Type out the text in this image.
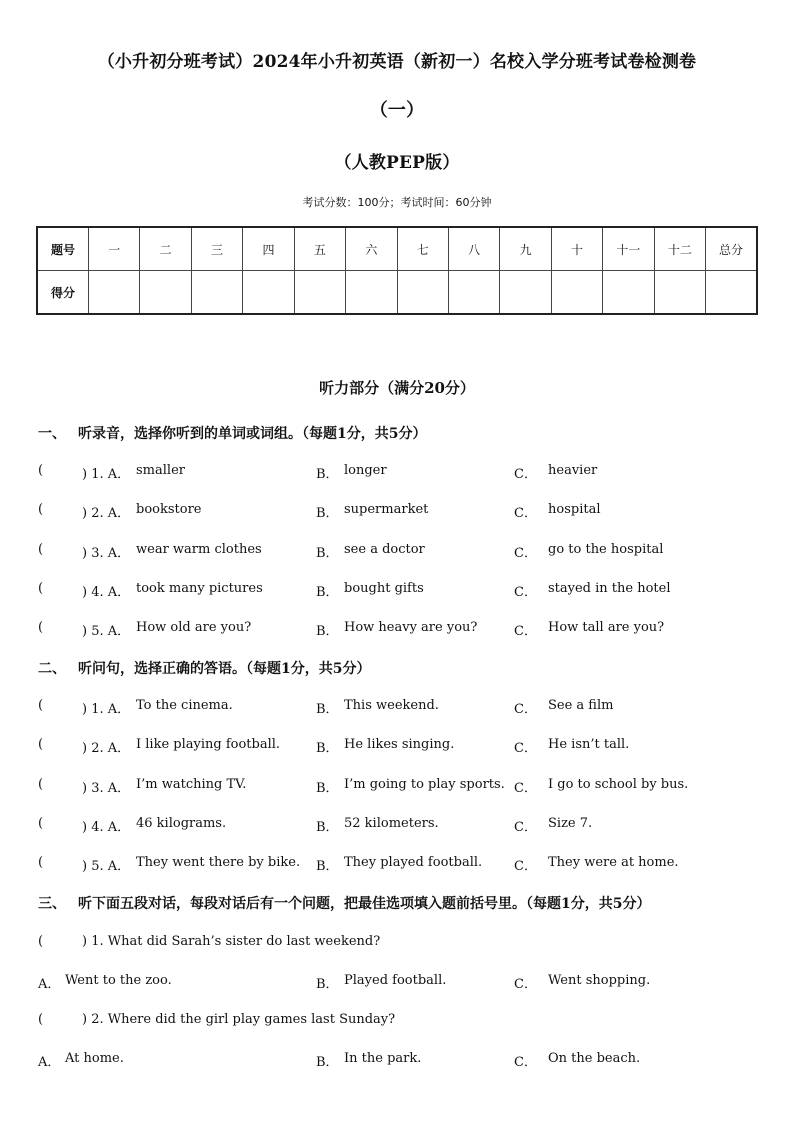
（小升初分班考试）2024年小升初英语（新初一）名校入学分班考试卷检测卷
（一）
（人教PEP版）
考试分数：100分；考试时间：60分钟
题号	一	二	三	四	五	六	七	八	九	十	十一	十二	总分
得分													
听力部分（满分20分）
一、 听录音，选择你听到的单词或词组。（每题1分，共5分）
(	) 1. A． smaller	B． longer	C． heavier
(	) 2. A． bookstore	B． supermarket	C． hospital
(	) 3. A． wear warm clothes	B． see a doctor	C． go to the hospital
(	) 4. A． took many pictures	B． bought gifts	C． stayed in the hotel
(	) 5. A． How old are you?	B． How heavy are you?	C． How tall are you?
二、 听问句，选择正确的答语。（每题1分，共5分）
(	) 1. A． To the cinema.	B． This weekend.	C． See a film
(	) 2. A． I like playing football.	B． He likes singing.	C． He isn’t tall.
(	) 3. A． I’m watching TV.	B． I’m going to play sports. C． I go to school by bus.
(	) 4. A． 46 kilograms.	B． 52 kilometers.	C． Size 7.
(	) 5. A． They went there by bike. B． They played football. C． They were at home.
三、 听下面五段对话，每段对话后有一个问题，把最佳选项填入题前括号里。（每题1分，共5分）
(	) 1. What did Sarah’s sister do last weekend?
A． Went to the zoo.	B． Played football.	C． Went shopping.
(	) 2. Where did the girl play games last Sunday?
A． At home.	B． In the park.	C． On the beach.
